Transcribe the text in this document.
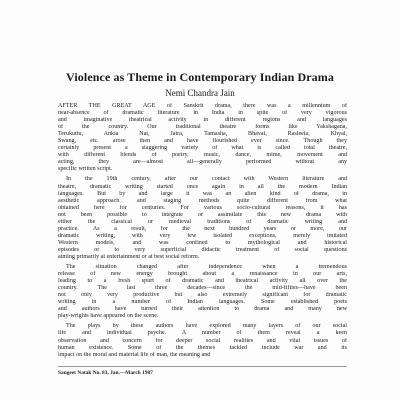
Violence as Theme in Contemporary Indian Drama
Nemi Chandra Jain
AFTER THE GREAT AGE of Sanskrit drama, there was a millennium of
near-absence of dramatic literature in India in spite of very vigorous
and imaginative theatrical activity in different regions and languages
of the country. Our traditional theatre forms like Yakshagana,
Terukuttu, Ankia Nat, Jatra, Tamasha, Bhavai, Rasleela, Khyal,
Swang, etc. arose then and have flourished ever since. Though they
certainly present a staggering variety of what is called total theatre,
with different blends of poetry, music, dance, mime, movement and
acting, they are—almost all—generally performed without any
specific written script.
In the 19th century, after our contact with Western literature and
theatre, dramatic writing started once again in all the modern Indian
languages. But by and large it was an alien kind of drama, in
aesthetic approach and staging methods quite different from what
obtained here for centuries. For various socio-cultural reasons, it has
not been possible to integrate or assimilate this new drama with
either the classical or medieval traditions of dramatic writing and
practice. As a result, for the next hundred years or more, our
dramatic writing, with very few isolated exceptions, merely imitated
Western models, and was confined to mythological and historical
episodes or to very superficial didactic treatment of social questions
aiming primarily at entertainment or at best social reform.
The situation changed after independence when a tremendous
release of new energy brought about a renaissance in our arts,
leading to a fresh spurt of dramatic and theatrical activity all over the
country. The last three decades—since the mid-fifties—have been
not only very productive but also extremely significant for dramatic
writing in a number of Indian languages. Some established poets
and authors have turned their attention to drama and many new
play-wrights have appeared on the scene.
The plays by these authors have explored many layers of our social
life and individual psyche. A number of them reveal a keen
observation and concern for deeper social realities and vital issues of
human existence. Some of the themes tackled include war and its
impact on the moral and material life of man, the meaning and
Sangeet Natak No. 83, Jan.—March 1987
